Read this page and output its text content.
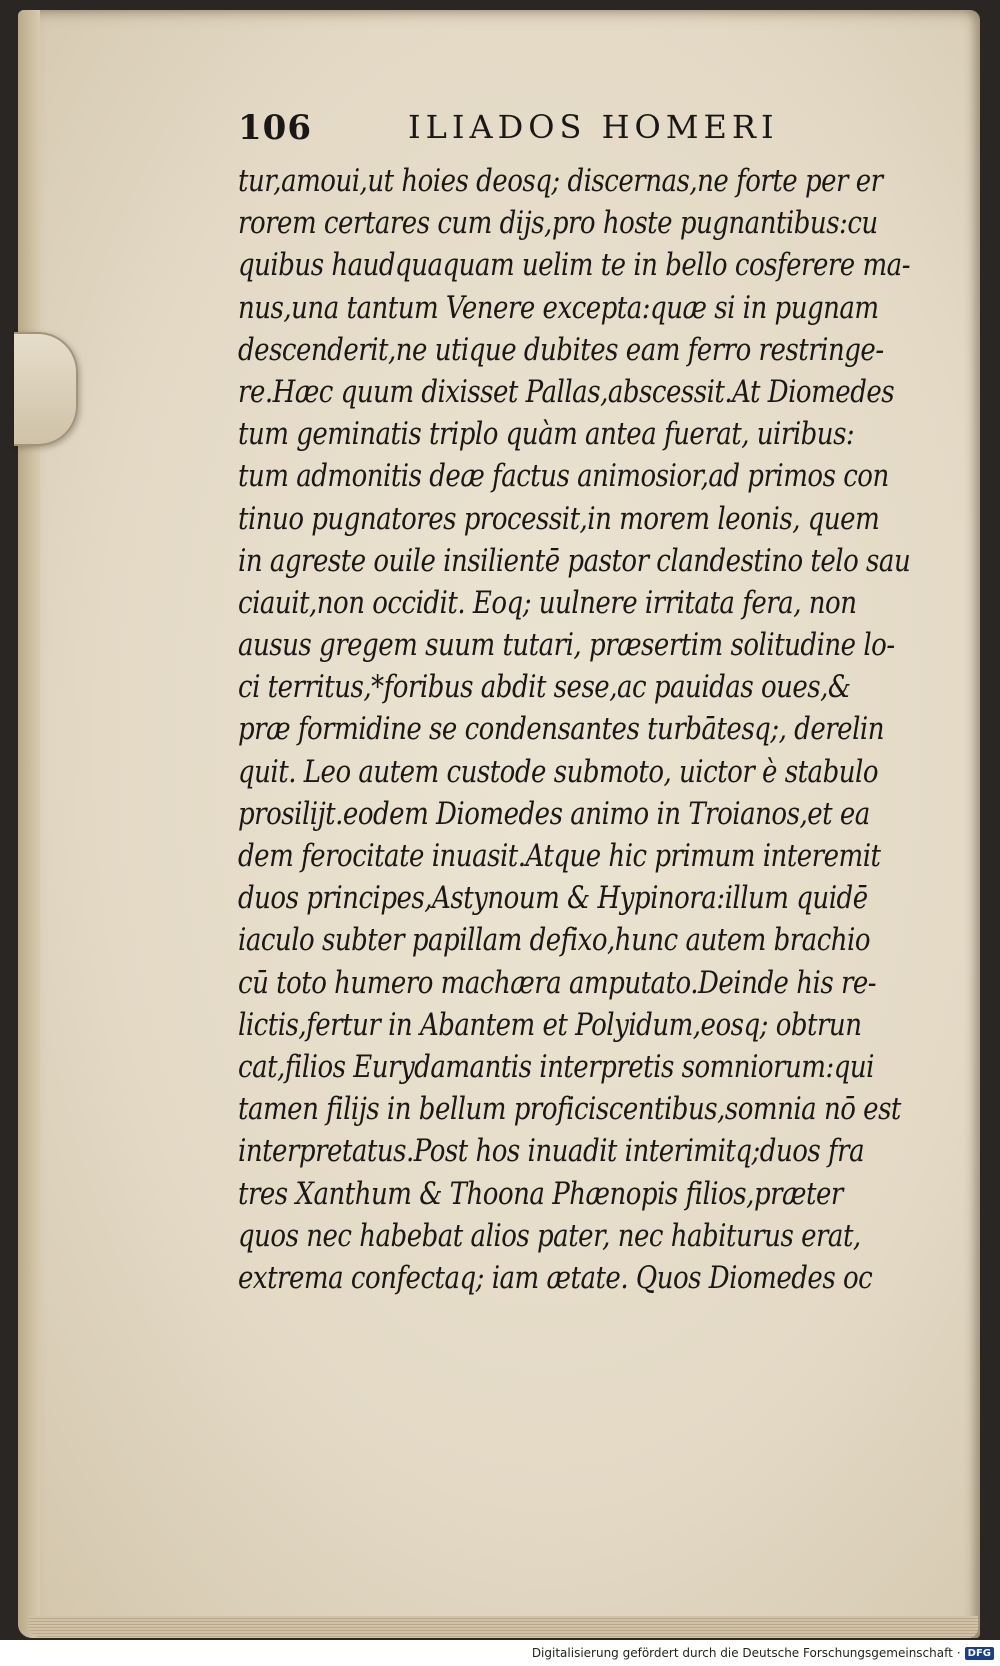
106	ILIADOS HOMERI
tur,amoui,ut hoies deosq; discernas,ne forte per er
rorem certares cum dijs,pro hoste pugnantibus:cu
quibus haudquaquam uelim te in bello cosferere ma-
nus,una tantum Venere excepta:quæ si in pugnam
descenderit,ne utique dubites eam ferro restringe-
re.Hæc quum dixisset Pallas,abscessit.At Diomedes
tum geminatis triplo quàm antea fuerat, uiribus:
tum admonitis deæ factus animosior,ad primos con
tinuo pugnatores processit,in morem leonis, quem
in agreste ouile insilientē pastor clandestino telo sau
ciauit,non occidit. Eoq; uulnere irritata fera, non
ausus gregem suum tutari, præsertim solitudine lo-
ci territus,*foribus abdit sese,ac pauidas oues,&
præ formidine se condensantes turbātesq;, derelin
quit. Leo autem custode submoto, uictor è stabulo
prosilijt.eodem Diomedes animo in Troianos,et ea
dem ferocitate inuasit.Atque hic primum interemit
duos principes,Astynoum & Hypinora:illum quidē
iaculo subter papillam defixo,hunc autem brachio
cū toto humero machæra amputato.Deinde his re-
lictis,fertur in Abantem et Polyidum,eosq; obtrun
cat,filios Eurydamantis interpretis somniorum:qui
tamen filijs in bellum proficiscentibus,somnia nō est
interpretatus.Post hos inuadit interimitq;duos fra
tres Xanthum & Thoona Phænopis filios,præter
quos nec habebat alios pater, nec habiturus erat,
extrema confectaq; iam ætate. Quos Diomedes oc
Digitalisierung gefördert durch die Deutsche Forschungsgemeinschaft · DFG
